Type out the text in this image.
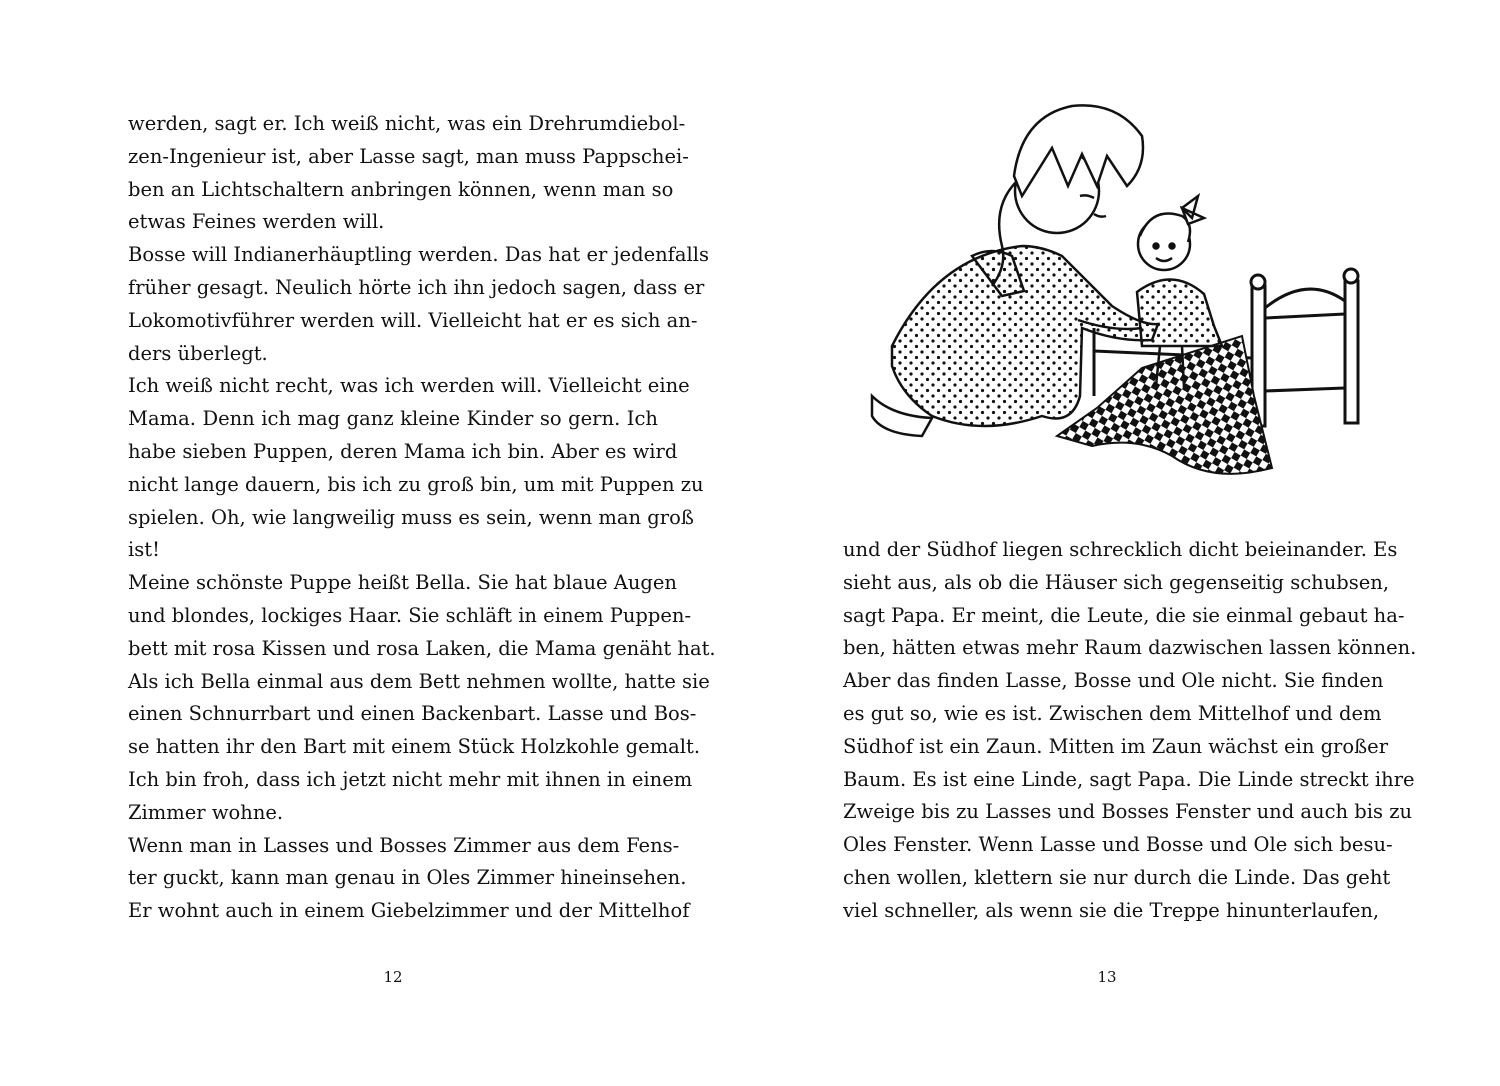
werden, sagt er. Ich weiß nicht, was ein Drehrumdiebol-
zen-Ingenieur ist, aber Lasse sagt, man muss Pappschei-
ben an Lichtschaltern anbringen können, wenn man so
etwas Feines werden will.
Bosse will Indianerhäuptling werden. Das hat er jedenfalls
früher gesagt. Neulich hörte ich ihn jedoch sagen, dass er
Lokomotivführer werden will. Vielleicht hat er es sich an-
ders überlegt.
Ich weiß nicht recht, was ich werden will. Vielleicht eine
Mama. Denn ich mag ganz kleine Kinder so gern. Ich
habe sieben Puppen, deren Mama ich bin. Aber es wird
nicht lange dauern, bis ich zu groß bin, um mit Puppen zu
spielen. Oh, wie langweilig muss es sein, wenn man groß
ist!
Meine schönste Puppe heißt Bella. Sie hat blaue Augen
und blondes, lockiges Haar. Sie schläft in einem Puppen-
bett mit rosa Kissen und rosa Laken, die Mama genäht hat.
Als ich Bella einmal aus dem Bett nehmen wollte, hatte sie
einen Schnurrbart und einen Backenbart. Lasse und Bos-
se hatten ihr den Bart mit einem Stück Holzkohle gemalt.
Ich bin froh, dass ich jetzt nicht mehr mit ihnen in einem
Zimmer wohne.
Wenn man in Lasses und Bosses Zimmer aus dem Fens-
ter guckt, kann man genau in Oles Zimmer hineinsehen.
Er wohnt auch in einem Giebelzimmer und der Mittelhof
12
und der Südhof liegen schrecklich dicht beieinander. Es
sieht aus, als ob die Häuser sich gegenseitig schubsen,
sagt Papa. Er meint, die Leute, die sie einmal gebaut ha-
ben, hätten etwas mehr Raum dazwischen lassen können.
Aber das finden Lasse, Bosse und Ole nicht. Sie finden
es gut so, wie es ist. Zwischen dem Mittelhof und dem
Südhof ist ein Zaun. Mitten im Zaun wächst ein großer
Baum. Es ist eine Linde, sagt Papa. Die Linde streckt ihre
Zweige bis zu Lasses und Bosses Fenster und auch bis zu
Oles Fenster. Wenn Lasse und Bosse und Ole sich besu-
chen wollen, klettern sie nur durch die Linde. Das geht
viel schneller, als wenn sie die Treppe hinunterlaufen,
13
